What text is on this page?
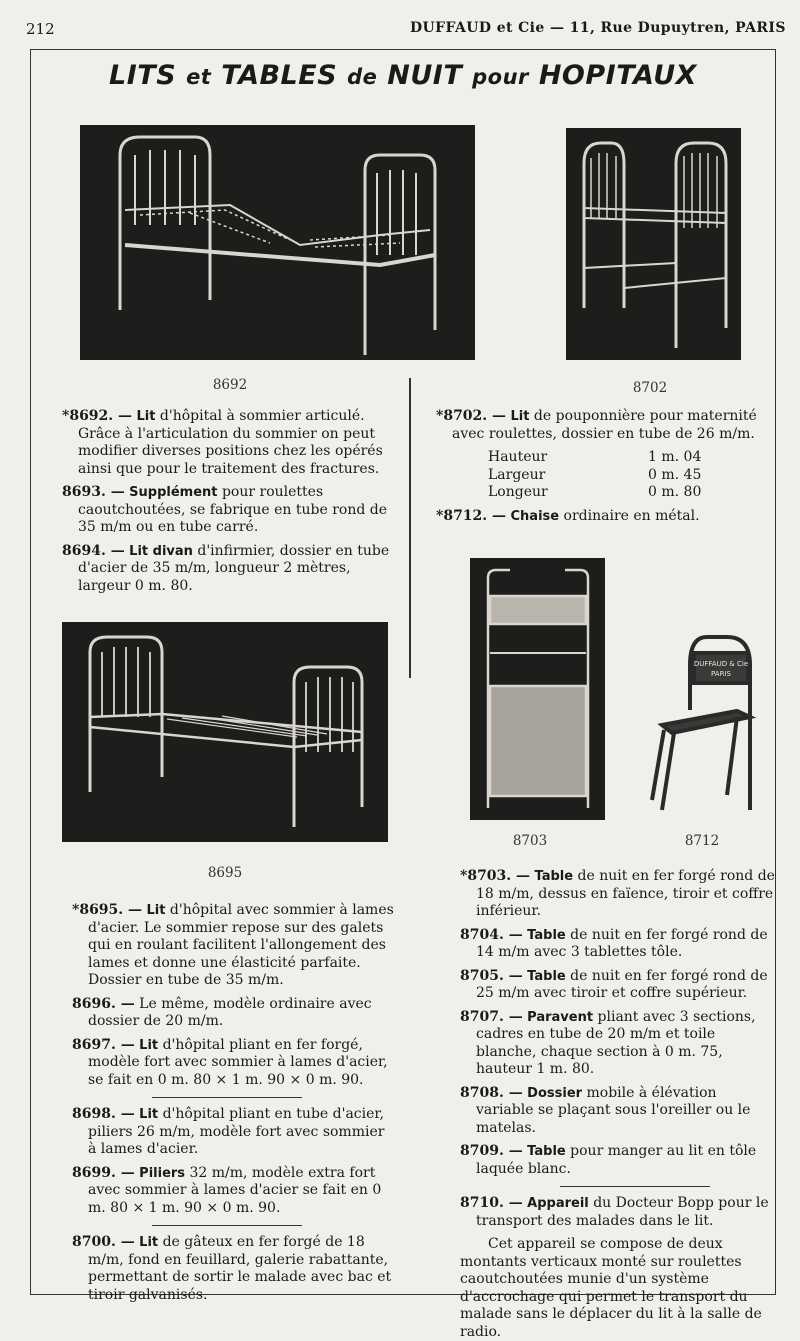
212	DUFFAUD et Cie — 11, Rue Dupuytren, PARIS
LITS et TABLES de NUIT pour HOPITAUX
8692	8702
*8692. — Lit d'hôpital à sommier articulé. Grâce à l'articulation du sommier on peut modifier diverses positions chez les opérés ainsi que pour le traitement des fractures.
8693. — Supplément pour roulettes caoutchoutées, se fabrique en tube rond de 35 m/m ou en tube carré.
8694. — Lit divan d'infirmier, dossier en tube d'acier de 35 m/m, longueur 2 mètres, largeur 0 m. 80.
*8702. — Lit de pouponnière pour maternité avec roulettes, dossier en tube de 26 m/m.
Hauteur	1 m. 04
Largeur	0 m. 45
Longeur	0 m. 80
*8712. — Chaise ordinaire en métal.
8695
DUFFAUD & Cie
PARIS
8703	8712
*8695. — Lit d'hôpital avec sommier à lames d'acier. Le sommier repose sur des galets qui en roulant facilitent l'allongement des lames et donne une élasticité parfaite. Dossier en tube de 35 m/m.
8696. — Le même, modèle ordinaire avec dossier de 20 m/m.
8697. — Lit d'hôpital pliant en fer forgé, modèle fort avec sommier à lames d'acier, se fait en 0 m. 80 × 1 m. 90 × 0 m. 90.
8698. — Lit d'hôpital pliant en tube d'acier, piliers 26 m/m, modèle fort avec sommier à lames d'acier.
8699. — Piliers 32 m/m, modèle extra fort avec sommier à lames d'acier se fait en 0 m. 80 × 1 m. 90 × 0 m. 90.
8700. — Lit de gâteux en fer forgé de 18 m/m, fond en feuillard, galerie rabattante, permettant de sortir le malade avec bac et tiroir galvanisés.
*8703. — Table de nuit en fer forgé rond de 18 m/m, dessus en faïence, tiroir et coffre inférieur.
8704. — Table de nuit en fer forgé rond de 14 m/m avec 3 tablettes tôle.
8705. — Table de nuit en fer forgé rond de 25 m/m avec tiroir et coffre supérieur.
8707. — Paravent pliant avec 3 sections, cadres en tube de 20 m/m et toile blanche, chaque section à 0 m. 75, hauteur 1 m. 80.
8708. — Dossier mobile à élévation variable se plaçant sous l'oreiller ou le matelas.
8709. — Table pour manger au lit en tôle laquée blanc.
8710. — Appareil du Docteur Bopp pour le transport des malades dans le lit.
Cet appareil se compose de deux montants verticaux monté sur roulettes caoutchoutées munie d'un système d'accrochage qui permet le transport du malade sans le déplacer du lit à la salle de radio.
